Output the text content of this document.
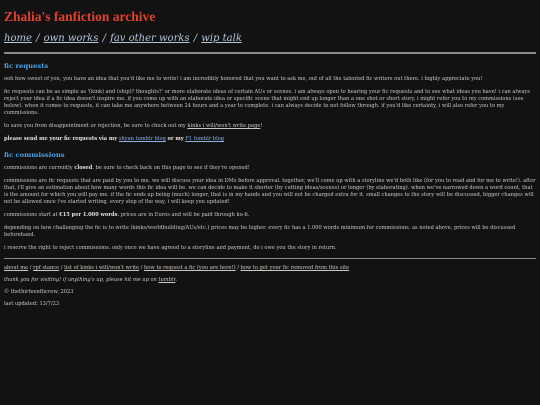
Zhalia's fanfiction archive
home / own works / fav other works / wip talk
fic requests

ooh how sweet of you, you have an idea that you'd like me to write! i am incredibly honored that you want to ask me, out of all the talented fic writers out there. i highly appreciate you!

fic requests can be as simple as '(kink) and (ship)? thoughts?' or more elaborate ideas of certain AUs or scenes. i am always open to hearing your fic requests and to see what ideas you have! i can always reject your idea if a fic idea doesn't inspire me. if you come up with an elaborate idea or specific scene that might end up longer than a one shot or short story, i might refer you to my commissions (see below). when it comes to requests, it can take me anywhere between 24 hours and a year to complete. i can always decide to not follow through. if you'd like certainty, i will also refer you to my commissions.

to save you from disappointment or rejection, be sure to check out my kinks i will/won't write page!

please send me your fic requests via my shyan tumblr blog or my F1 tumblr blog

fic commissions

commissions are currently closed. be sure to check back on this page to see if they're opened!

commissions are fic requests that are paid by you to me. we will discuss your idea in DMs before approval. together, we'll come up with a storyline we'd both like (for you to read and for me to write!). after that, i'll give an estimation about how many words this fic idea will be. we can decide to make it shorter (by cutting ideas/scenes) or longer (by elaborating). when we've narrowed down a word count, that is the amount for which you will pay me. if the fic ends up being (much) longer, that is in my hands and you will not be charged extra for it. small changes to the story will be discussed, bigger changes will not be allowed once i've started writing. every step of the way, i will keep you updated!

commissions start at €15 per 1.000 words. prices are in Euros and will be paid through ko-fi.

depending on how challenging the fic is to write (kinks/worldbuilding/AUs/etc.) prices may be higher. every fic has a 1.000 words minimum for commissions. as noted above, prices will be discussed beforehand.

i reserve the right to reject commissions. only once we have agreed to a storyline and payment, do i owe you the story in return.

about me / rpf stance / list of kinks i will/won't write / how to request a fic (you are here!) / how to get your fic removed from this site
thank you for visiting! if anything's up, please hit me up on tumblr.
© thethirteenthcrow, 2023
last updated: 13/7/23
